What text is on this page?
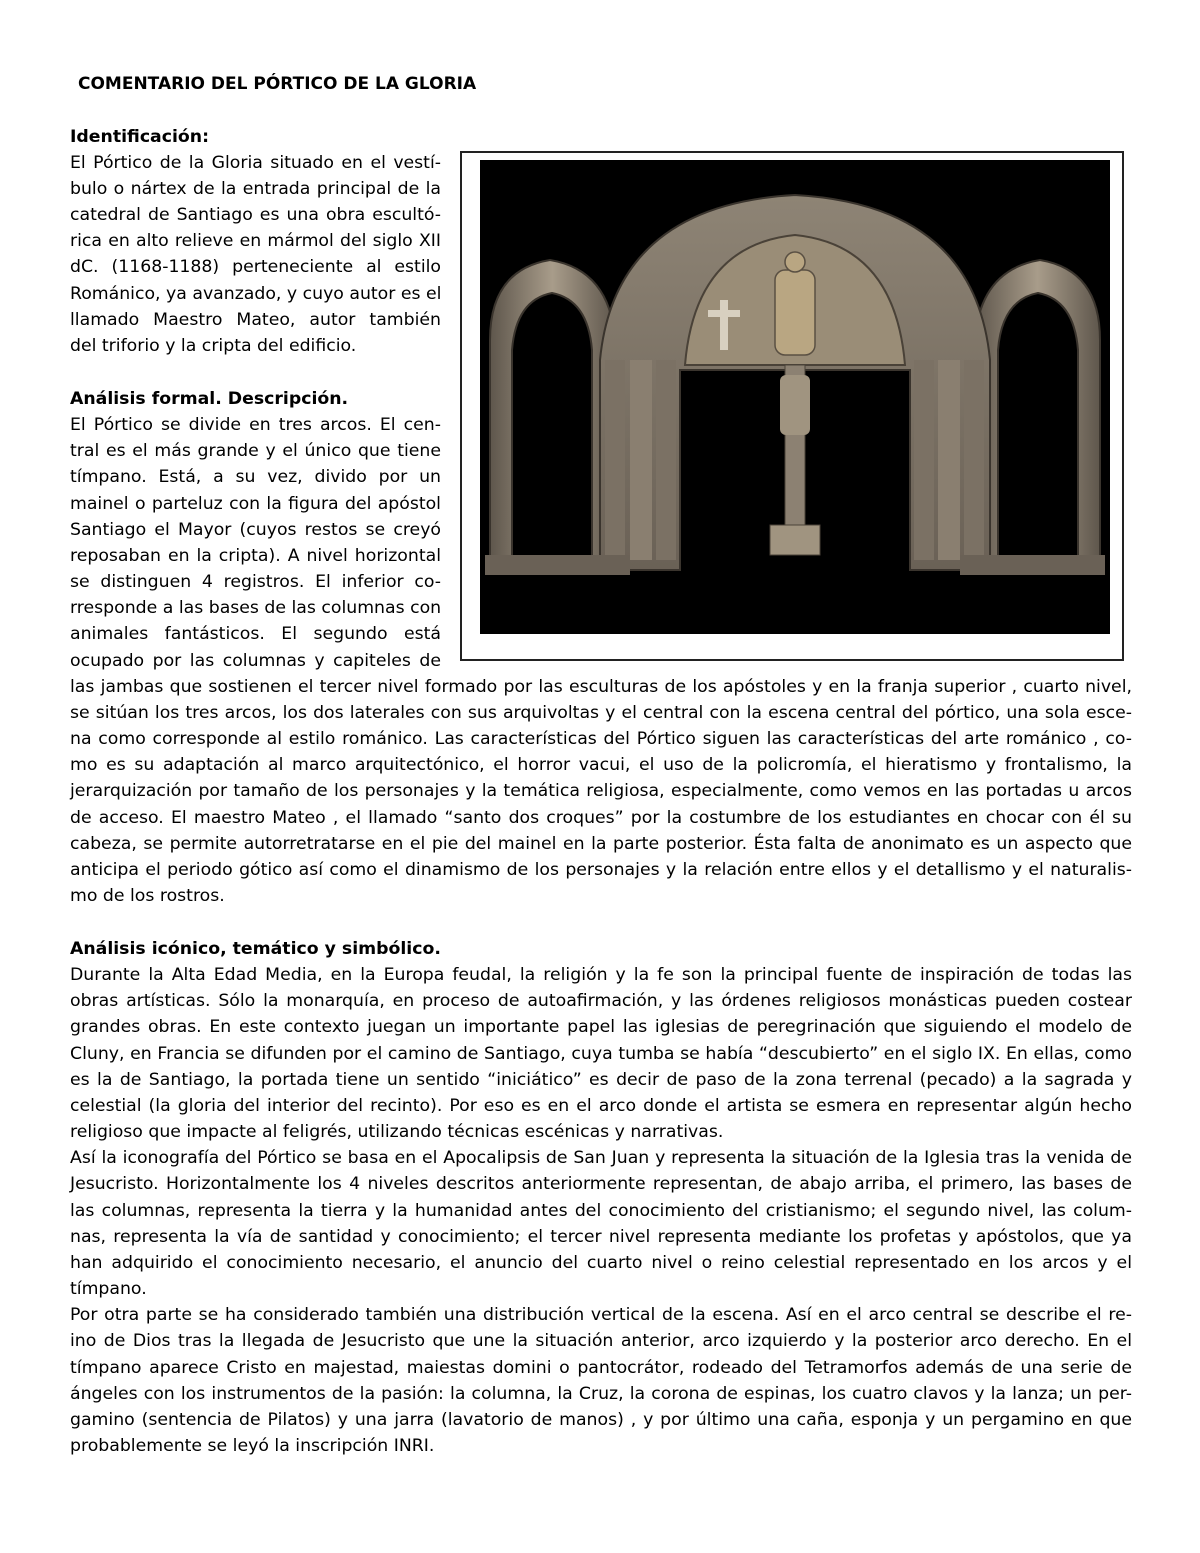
COMENTARIO DEL PÓRTICO DE LA GLORIA

Identificación:

El Pórtico de la Gloria situado en el vestí-

bulo o nártex de la entrada principal de la

catedral de Santiago es una obra escultó-

rica en alto relieve en mármol del siglo XII

dC. (1168-1188) perteneciente al estilo

Románico, ya avanzado, y cuyo autor es el

llamado Maestro Mateo, autor también

del triforio y la cripta del edificio.

Análisis formal. Descripción.

El Pórtico se divide en tres arcos. El cen-

tral es el más grande y el único que tiene

tímpano. Está, a su vez, divido por un

mainel o parteluz con la figura del apóstol

Santiago el Mayor (cuyos restos se creyó

reposaban en la cripta). A nivel horizontal

se distinguen 4 registros. El inferior co-

rresponde a las bases de las columnas con

animales fantásticos. El segundo está

ocupado por las columnas y capiteles de

las jambas que sostienen el tercer nivel formado por las esculturas de los apóstoles y en la franja superior , cuarto nivel,

se sitúan los tres arcos, los dos laterales con sus arquivoltas y el central con la escena central del pórtico, una sola esce-

na como corresponde al estilo románico. Las características del Pórtico siguen las características del arte románico , co-

mo es su adaptación al marco arquitectónico, el horror vacui, el uso de la policromía, el hieratismo y frontalismo, la

jerarquización por tamaño de los personajes y la temática religiosa, especialmente, como vemos en las portadas u arcos

de acceso. El maestro Mateo , el llamado “santo dos croques” por la costumbre de los estudiantes en chocar con él su

cabeza, se permite autorretratarse en el pie del mainel en la parte posterior. Ésta falta de anonimato es un aspecto que

anticipa el periodo gótico así como el dinamismo de los personajes y la relación entre ellos y el detallismo y el naturalis-

mo de los rostros.

Análisis icónico, temático y simbólico.

Durante la Alta Edad Media, en la Europa feudal, la religión y la fe son la principal fuente de inspiración de todas las

obras artísticas. Sólo la monarquía, en proceso de autoafirmación, y las órdenes religiosos monásticas pueden costear

grandes obras. En este contexto juegan un importante papel las iglesias de peregrinación que siguiendo el modelo de

Cluny, en Francia se difunden por el camino de Santiago, cuya tumba se había “descubierto” en el siglo IX. En ellas, como

es la de Santiago, la portada tiene un sentido “iniciático” es decir de paso de la zona terrenal (pecado) a la sagrada y

celestial (la gloria del interior del recinto). Por eso es en el arco donde el artista se esmera en representar algún hecho

religioso que impacte al feligrés, utilizando técnicas escénicas y narrativas.

Así la iconografía del Pórtico se basa en el Apocalipsis de San Juan y representa la situación de la Iglesia tras la venida de

Jesucristo. Horizontalmente los 4 niveles descritos anteriormente representan, de abajo arriba, el primero, las bases de

las columnas, representa la tierra y la humanidad antes del conocimiento del cristianismo; el segundo nivel, las colum-

nas, representa la vía de santidad y conocimiento; el tercer nivel representa mediante los profetas y apóstolos, que ya

han adquirido el conocimiento necesario, el anuncio del cuarto nivel o reino celestial representado en los arcos y el

tímpano.

Por otra parte se ha considerado también una distribución vertical de la escena. Así en el arco central se describe el re-

ino de Dios tras la llegada de Jesucristo que une la situación anterior, arco izquierdo y la posterior arco derecho. En el

tímpano aparece Cristo en majestad, maiestas domini o pantocrátor, rodeado del Tetramorfos además de una serie de

ángeles con los instrumentos de la pasión: la columna, la Cruz, la corona de espinas, los cuatro clavos y la lanza; un per-

gamino (sentencia de Pilatos) y una jarra (lavatorio de manos) , y por último una caña, esponja y un pergamino en que

probablemente se leyó la inscripción INRI.
